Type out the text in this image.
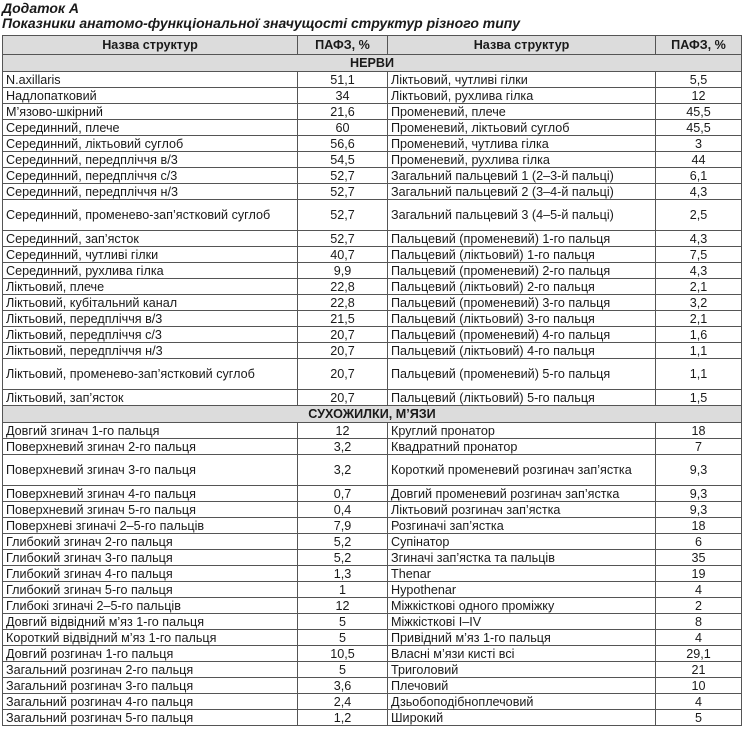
Додаток А
Показники анатомо-функціональної значущості структур різного типу
Назва структур	ПАФЗ, %	Назва структур	ПАФЗ, %
НЕРВИ			
N.axillaris	51,1	Ліктьовий, чутливі гілки	5,5
Надлопатковий	34	Ліктьовий, рухлива гілка	12
М’язово-шкірний	21,6	Променевий, плече	45,5
Серединний, плече	60	Променевий, ліктьовий суглоб	45,5
Серединний, ліктьовий суглоб	56,6	Променевий, чутлива гілка	3
Серединний, передпліччя в/3	54,5	Променевий, рухлива гілка	44
Серединний, передпліччя с/3	52,7	Загальний пальцевий 1 (2–3-й пальці)	6,1
Серединний, передпліччя н/3	52,7	Загальний пальцевий 2 (3–4-й пальці)	4,3
Серединний, променево-зап’ястковий суглоб	52,7	Загальний пальцевий 3 (4–5-й пальці)	2,5
Серединний, зап’ясток	52,7	Пальцевий (променевий) 1-го пальця	4,3
Серединний, чутливі гілки	40,7	Пальцевий (ліктьовий) 1-го пальця	7,5
Серединний, рухлива гілка	9,9	Пальцевий (променевий) 2-го пальця	4,3
Ліктьовий, плече	22,8	Пальцевий (ліктьовий) 2-го пальця	2,1
Ліктьовий, кубітальний канал	22,8	Пальцевий (променевий) 3-го пальця	3,2
Ліктьовий, передпліччя в/3	21,5	Пальцевий (ліктьовий) 3-го пальця	2,1
Ліктьовий, передпліччя с/3	20,7	Пальцевий (променевий) 4-го пальця	1,6
Ліктьовий, передпліччя н/3	20,7	Пальцевий (ліктьовий) 4-го пальця	1,1
Ліктьовий, променево-зап’ястковий суглоб	20,7	Пальцевий (променевий) 5-го пальця	1,1
Ліктьовий, зап’ясток	20,7	Пальцевий (ліктьовий) 5-го пальця	1,5
СУХОЖИЛКИ, М’ЯЗИ			
Довгий згинач 1-го пальця	12	Круглий пронатор	18
Поверхневий згинач 2-го пальця	3,2	Квадратний пронатор	7
Поверхневий згинач 3-го пальця	3,2	Короткий променевий розгинач зап’ястка	9,3
Поверхневий згинач 4-го пальця	0,7	Довгий променевий розгинач зап’ястка	9,3
Поверхневий згинач 5-го пальця	0,4	Ліктьовий розгинач зап’ястка	9,3
Поверхневі згиначі 2–5-го пальців	7,9	Розгиначі зап’ястка	18
Глибокий згинач 2-го пальця	5,2	Супінатор	6
Глибокий згинач 3-го пальця	5,2	Згиначі зап’ястка та пальців	35
Глибокий згинач 4-го пальця	1,3	Thenar	19
Глибокий згинач 5-го пальця	1	Hypothenar	4
Глибокі згиначі 2–5-го пальців	12	Міжкісткові одного проміжку	2
Довгий відвідний м’яз 1-го пальця	5	Міжкісткові I–IV	8
Короткий відвідний м’яз 1-го пальця	5	Привідний м’яз 1-го пальця	4
Довгий розгинач 1-го пальця	10,5	Власні м’язи кисті всі	29,1
Загальний розгинач 2-го пальця	5	Триголовий	21
Загальний розгинач 3-го пальця	3,6	Плечовий	10
Загальний розгинач 4-го пальця	2,4	Дзьобоподібноплечовий	4
Загальний розгинач 5-го пальця	1,2	Широкий	5
